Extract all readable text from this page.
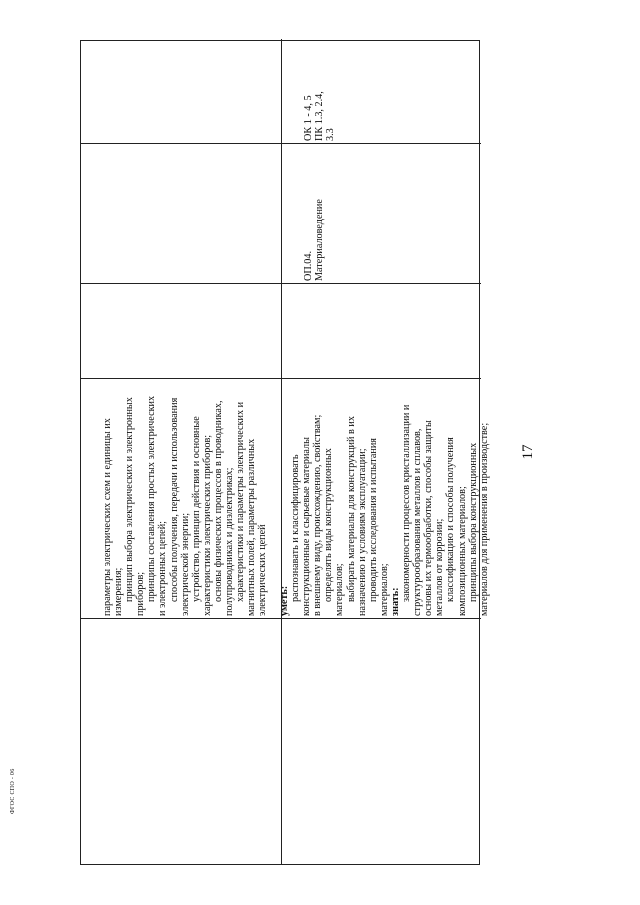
17
ФГОС СПО - 06

параметры электрических схем и единицы их измерения; принцип выбора электрических и электронных приборов; принципы составления простых электрических и электронных цепей; способы получения, передачи и использования электрической энергии; устройство, принцип действия и основные характеристики электрических приборов; основы физических процессов в проводниках, полупроводниках и диэлектриках; характеристики и параметры электрических и магнитных полей, параметры различных электрических цепей уметь: распознавать и классифицировать конструкционные и сырьевые материалы в внешнему виду, происхождению, свойствам; определять виды конструкционных материалов; выбирать материалы для конструкций в их назначению и условиям эксплуатации; проводить исследования и испытания материалов; знать: закономерности процессов кристаллизации и структурообразования металлов и сплавов, основы их термообработки, способы защиты металлов от коррозии; классификацию и способы получения композиционных материалов; принципы выбора конструкционных материалов для применения в производстве;

ОП.04. Материаловедение

ОК 1 - 4, 5 ПК 1.3, 2.4, 3.3
